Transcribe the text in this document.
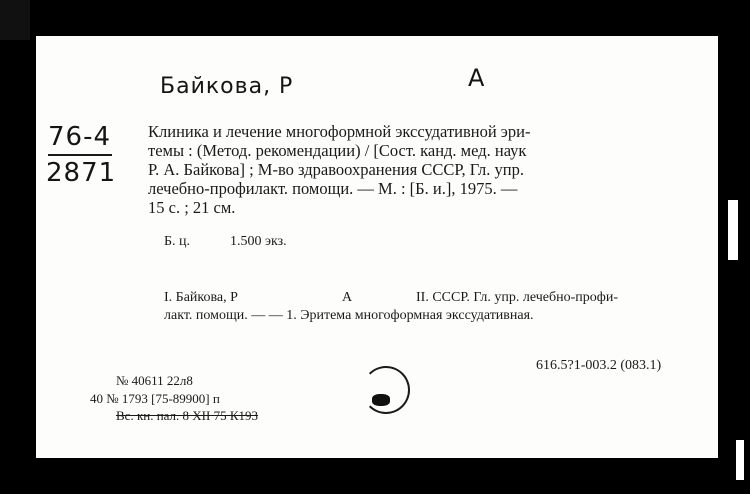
Байкова, Р	А
76-4
2871
Клиника и лечение многоформной экссудативной эри-
темы : (Метод. рекомендации) / [Сост. канд. мед. наук
Р. А. Байкова] ; М-во здравоохранения СССР, Гл. упр.
лечебно-профилакт. помощи. — М. : [Б. и.], 1975. —
15 с. ; 21 см.
Б. ц.	1.500 экз.
I. Байкова, Р	А	II. СССР. Гл. упр. лечебно-профи-
лакт. помощи. — — 1. Эритема многоформная экссудативная.
616.5?1-003.2 (083.1)
№ 40611 22л8
40 № 1793 [75-89900] п
Вс. кн. пал. 8 XII 75 К193
